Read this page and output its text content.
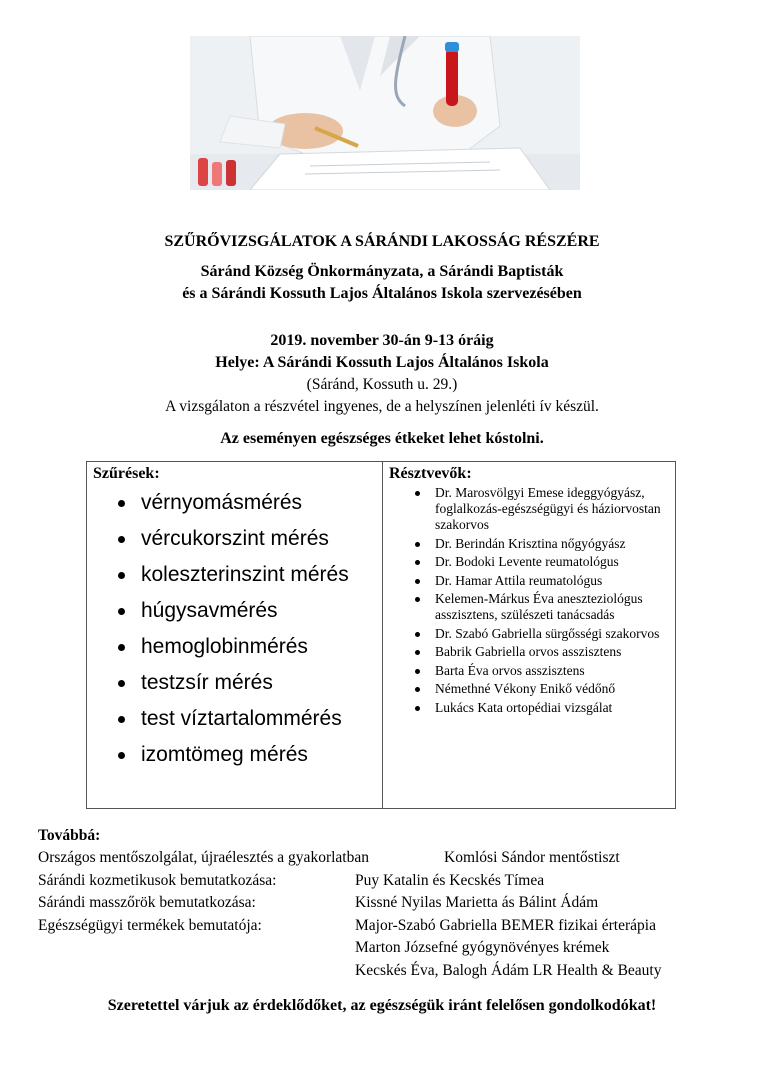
SZŰRŐVIZSGÁLATOK A SÁRÁNDI LAKOSSÁG RÉSZÉRE
Sáránd Község Önkormányzata, a Sárándi Baptisták
és a Sárándi Kossuth Lajos Általános Iskola szervezésében
2019. november 30-án 9-13 óráig
Helye: A Sárándi Kossuth Lajos Általános Iskola
(Sáránd, Kossuth u. 29.)
A vizsgálaton a részvétel ingyenes, de a helyszínen jelenléti ív készül.
Az eseményen egészséges étkeket lehet kóstolni.
Szűrések:
vérnyomásmérés
vércukorszint mérés
koleszterinszint mérés
húgysavmérés
hemoglobinmérés
testzsír mérés
test víztartalommérés
izomtömeg mérés
Résztvevők:
Dr. Marosvölgyi Emese ideggyógyász, foglalkozás-egészségügyi és háziorvostan szakorvos
Dr. Berindán Krisztina nőgyógyász
Dr. Bodoki Levente reumatológus
Dr. Hamar Attila reumatológus
Kelemen-Márkus Éva aneszteziológus asszisztens, szülészeti tanácsadás
Dr. Szabó Gabriella sürgősségi szakorvos
Babrik Gabriella orvos asszisztens
Barta Éva orvos asszisztens
Némethné Vékony Enikő védőnő
Lukács Kata ortopédiai vizsgálat
Továbbá:
Országos mentőszolgálat, újraélesztés a gyakorlatban	Komlósi Sándor mentőstiszt
Sárándi kozmetikusok bemutatkozása:	Puy Katalin és Kecskés Tímea
Sárándi masszőrök bemutatkozása:	Kissné Nyilas Marietta ás Bálint Ádám
Egészségügyi termékek bemutatója:	Major-Szabó Gabriella BEMER fizikai érterápia
Marton Józsefné gyógynövényes krémek
Kecskés Éva, Balogh Ádám LR Health & Beauty
Szeretettel várjuk az érdeklődőket, az egészségük iránt felelősen gondolkodókat!
